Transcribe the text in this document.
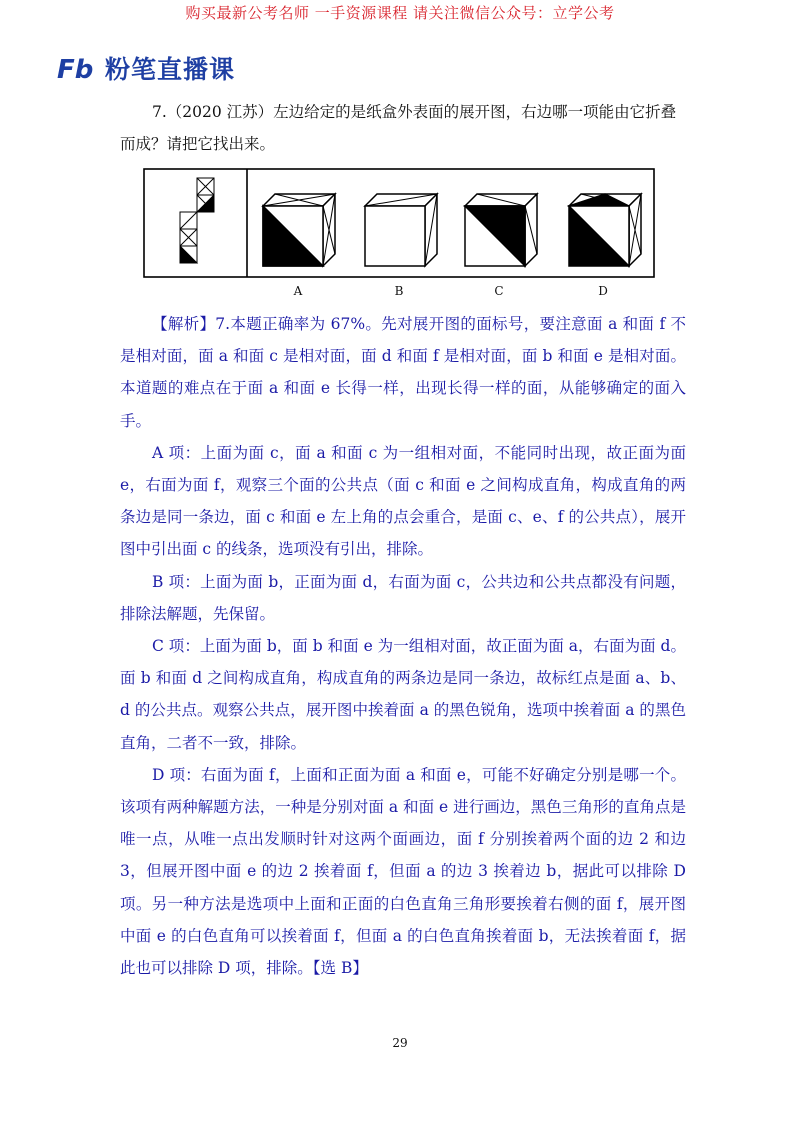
购买最新公考名师 一手资源课程 请关注微信公众号：立学公考
Fb 粉笔直播课
7.（2020 江苏）左边给定的是纸盒外表面的展开图，右边哪一项能由它折叠
而成？请把它找出来。
A	B	C	D

【解析】7.本题正确率为 67%。先对展开图的面标号，要注意面 a 和面 f 不是相对面，面 a 和面 c 是相对面，面 d 和面 f 是相对面，面 b 和面 e 是相对面。本道题的难点在于面 a 和面 e 长得一样，出现长得一样的面，从能够确定的面入手。

A 项：上面为面 c，面 a 和面 c 为一组相对面，不能同时出现，故正面为面 e，右面为面 f，观察三个面的公共点（面 c 和面 e 之间构成直角，构成直角的两条边是同一条边，面 c 和面 e 左上角的点会重合，是面 c、e、f 的公共点），展开图中引出面 c 的线条，选项没有引出，排除。

B 项：上面为面 b，正面为面 d，右面为面 c，公共边和公共点都没有问题，排除法解题，先保留。

C 项：上面为面 b，面 b 和面 e 为一组相对面，故正面为面 a，右面为面 d。面 b 和面 d 之间构成直角，构成直角的两条边是同一条边，故标红点是面 a、b、d 的公共点。观察公共点，展开图中挨着面 a 的黑色锐角，选项中挨着面 a 的黑色直角，二者不一致，排除。

D 项：右面为面 f，上面和正面为面 a 和面 e，可能不好确定分别是哪一个。该项有两种解题方法，一种是分别对面 a 和面 e 进行画边，黑色三角形的直角点是唯一点，从唯一点出发顺时针对这两个面画边，面 f 分别挨着两个面的边 2 和边 3，但展开图中面 e 的边 2 挨着面 f，但面 a 的边 3 挨着边 b，据此可以排除 D 项。另一种方法是选项中上面和正面的白色直角三角形要挨着右侧的面 f，展开图中面 e 的白色直角可以挨着面 f，但面 a 的白色直角挨着面 b，无法挨着面 f，据此也可以排除 D 项，排除。【选 B】

29
